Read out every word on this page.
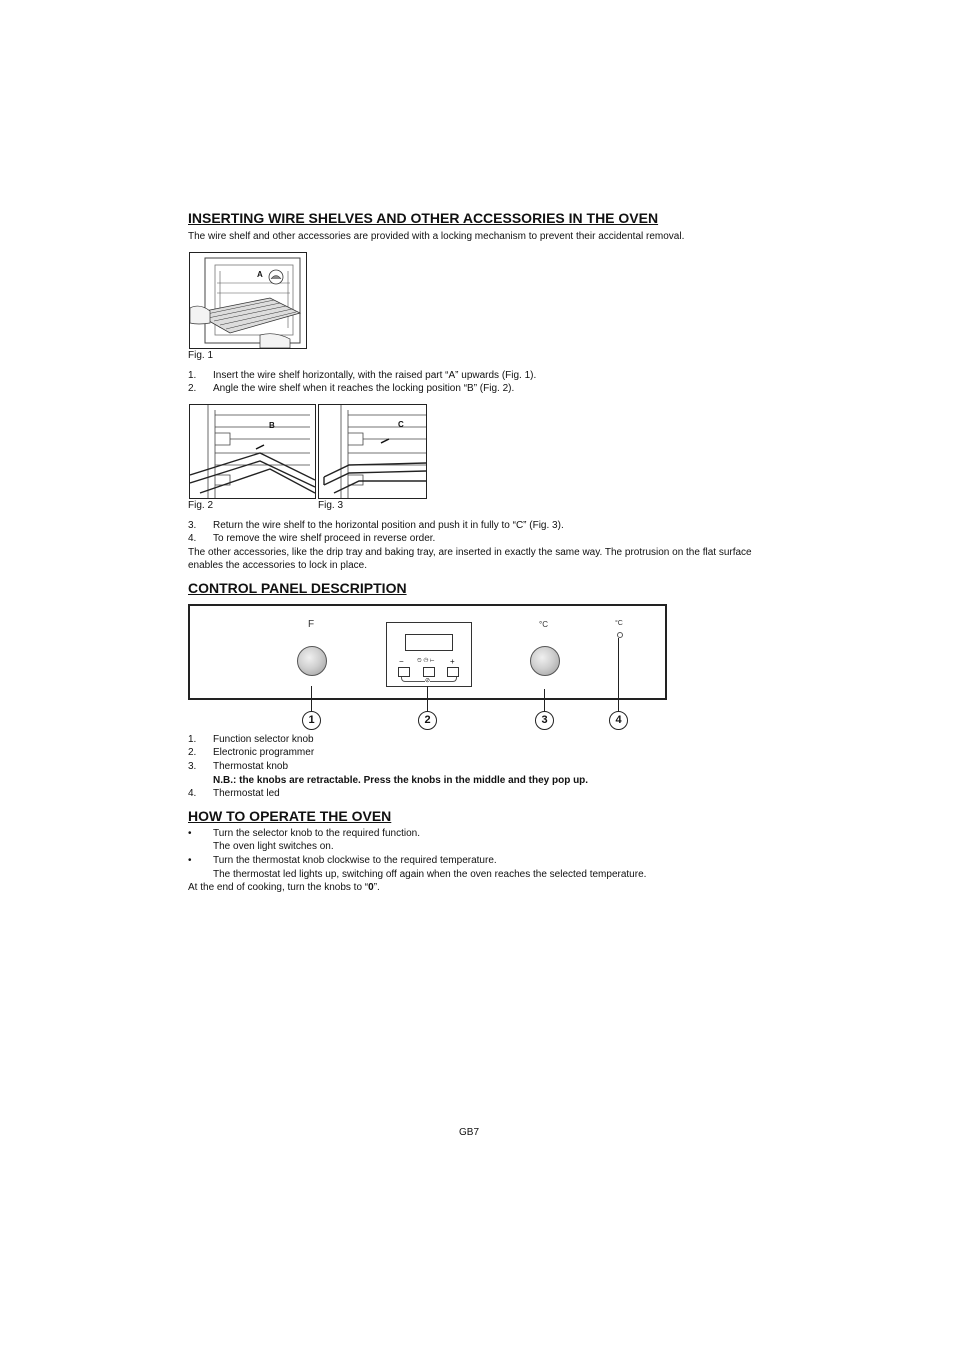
INSERTING WIRE SHELVES AND OTHER ACCESSORIES IN THE OVEN
The wire shelf and other accessories are provided with a locking mechanism to prevent their accidental removal.
A
Fig. 1
1. Insert the wire shelf horizontally, with the raised part “A” upwards (Fig. 1).
2. Angle the wire shelf when it reaches the locking position “B” (Fig. 2).
B
Fig. 2
C
Fig. 3
3. Return the wire shelf to the horizontal position and push it in fully to “C” (Fig. 3).
4. To remove the wire shelf proceed in reverse order.
The other accessories, like the drip tray and baking tray, are inserted in exactly the same way. The protrusion on the flat surface
enables the accessories to lock in place.
CONTROL PANEL DESCRIPTION
F
− ⏲ ◷ ⊢ +
⊘
°C	°C
1	2	3	4
1. Function selector knob
2. Electronic programmer
3. Thermostat knob
N.B.: the knobs are retractable. Press the knobs in the middle and they pop up.
4. Thermostat led
HOW TO OPERATE THE OVEN
• Turn the selector knob to the required function.
The oven light switches on.
• Turn the thermostat knob clockwise to the required temperature.
The thermostat led lights up, switching off again when the oven reaches the selected temperature.
At the end of cooking, turn the knobs to “0”.
GB7
